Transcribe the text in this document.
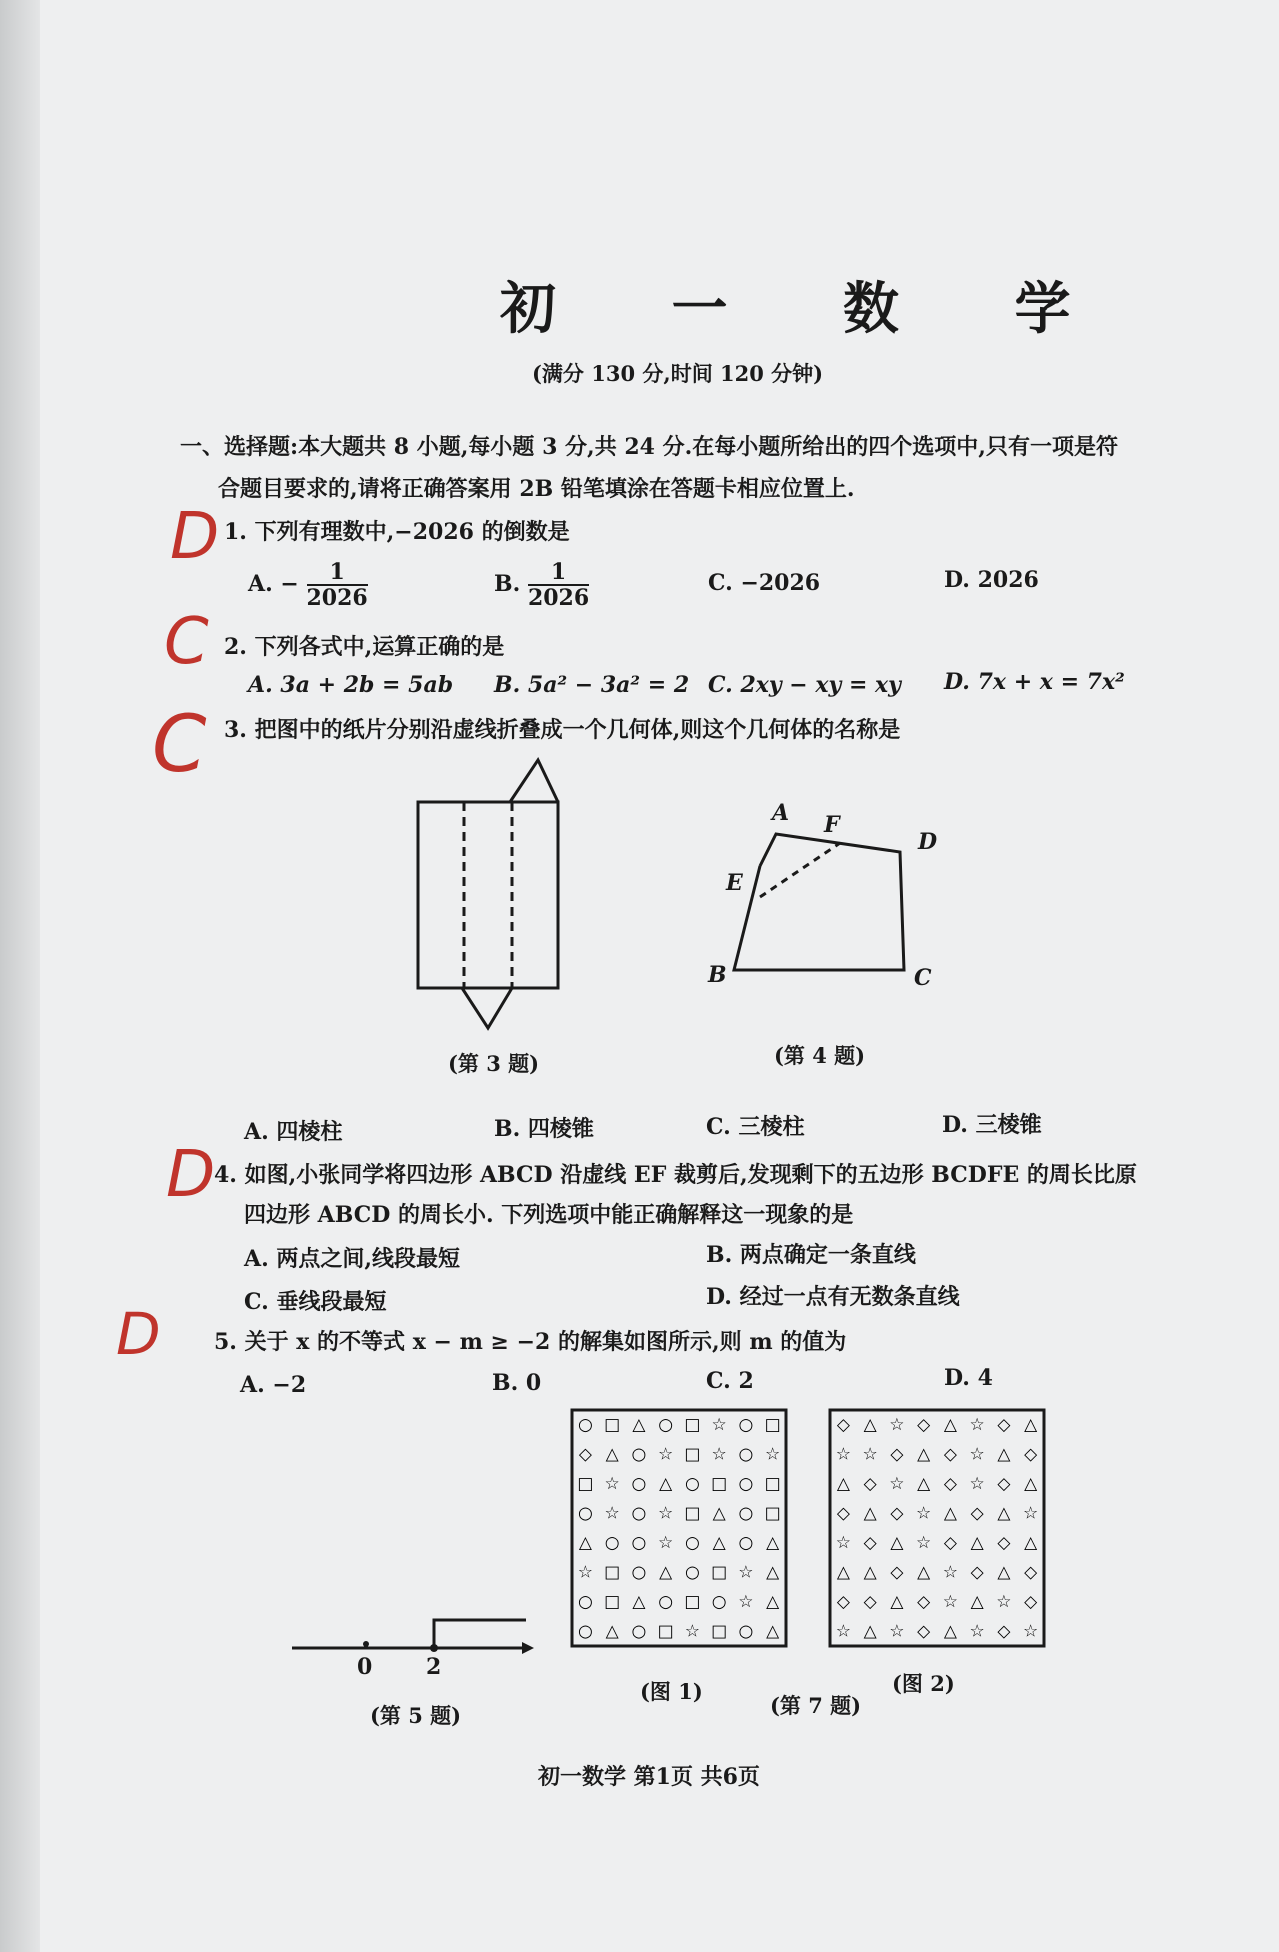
初 一 数 学
(满分 130 分,时间 120 分钟)
一、选择题:本大题共 8 小题,每小题 3 分,共 24 分.在每小题所给出的四个选项中,只有一项是符
合题目要求的,请将正确答案用 2B 铅笔填涂在答题卡相应位置上.
D 1. 下列有理数中,−2026 的倒数是
A. − $\frac{1}{2026}$	B. $\frac{1}{2026}$	C. −2026	D. 2026
C 2. 下列各式中,运算正确的是
A. 3a + 2b = 5ab B. 5a² − 3a² = 2 C. 2xy − xy = xy D. 7x + x = 7x²
C 3. 把图中的纸片分别沿虚线折叠成一个几何体,则这个几何体的名称是
(第 3 题)
A F
D
E
B	C
(第 4 题)
A. 四棱柱	B. 四棱锥	C. 三棱柱	D. 三棱锥
D
4. 如图,小张同学将四边形 ABCD 沿虚线 EF 裁剪后,发现剩下的五边形 BCDFE 的周长比原
四边形 ABCD 的周长小. 下列选项中能正确解释这一现象的是
A. 两点之间,线段最短	B. 两点确定一条直线
C. 垂线段最短	D. 经过一点有无数条直线
D 5. 关于 x 的不等式 x − m ≥ −2 的解集如图所示,则 m 的值为
A. −2	B. 0	C. 2	D. 4
0 2
(第 5 题)
○ □ △ ○ □ ☆ ○ □
◇ △ ○ ☆ □ ☆ ○ ☆
□ ☆ ○ △ ○ □ ○ □
○ ☆ ○ ☆ □ △ ○ □
△ ○ ○ ☆ ○ △ ○ △
☆ □ ○ △ ○ □ ☆ △
○ □ △ ○ □ ○ ☆ △
○ △ ○ □ ☆ □ ○ △
◇ △ ☆ ◇ △ ☆ ◇ △
☆ ☆ ◇ △ ◇ ☆ △ ◇
△ ◇ ☆ △ ◇ ☆ ◇ △
◇ △ ◇ ☆ △ ◇ △ ☆
☆ ◇ △ ☆ ◇ △ ◇ △
△ △ ◇ △ ☆ ◇ △ ◇
◇ ◇ △ ◇ ☆ △ ☆ ◇
☆ △ ☆ ◇ △ ☆ ◇ ☆
(图 1)
(第 7 题)
(图 2)
初一数学 第1页 共6页
